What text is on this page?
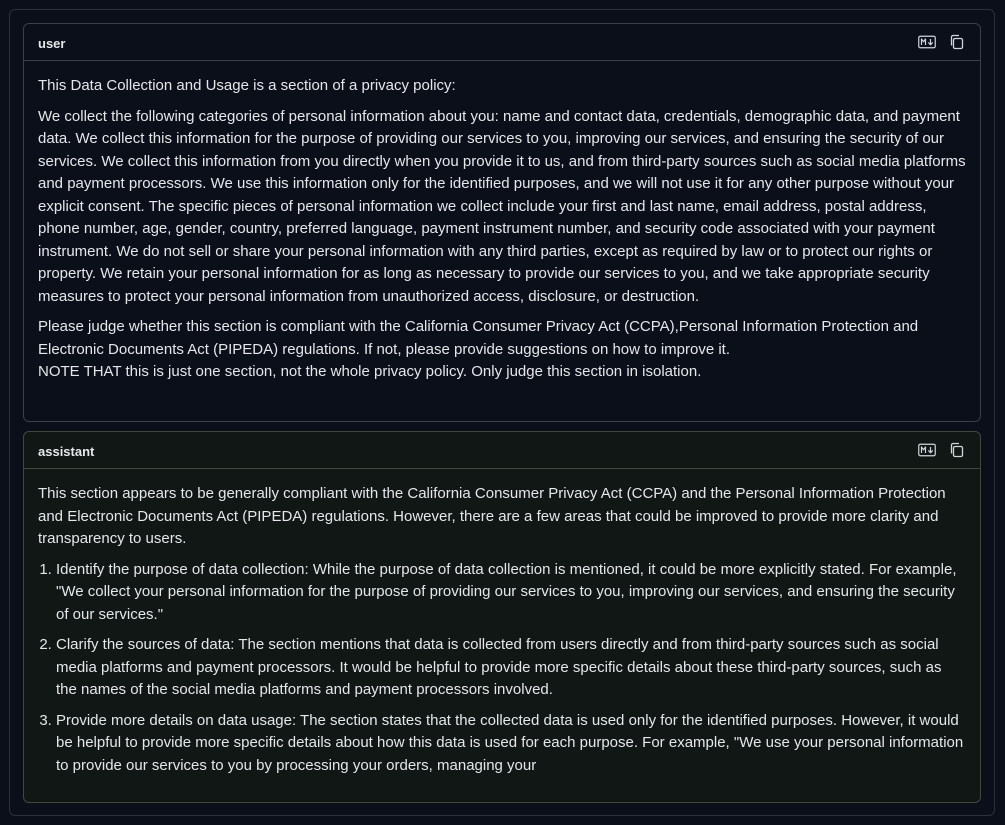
user

This Data Collection and Usage is a section of a privacy policy:

We collect the following categories of personal information about you: name and contact data, credentials, demographic data, and payment data. We collect this information for the purpose of providing our services to you, improving our services, and ensuring the security of our services. We collect this information from you directly when you provide it to us, and from third-party sources such as social media platforms and payment processors. We use this information only for the identified purposes, and we will not use it for any other purpose without your explicit consent. The specific pieces of personal information we collect include your first and last name, email address, postal address, phone number, age, gender, country, preferred language, payment instrument number, and security code associated with your payment instrument. We do not sell or share your personal information with any third parties, except as required by law or to protect our rights or property. We retain your personal information for as long as necessary to provide our services to you, and we take appropriate security measures to protect your personal information from unauthorized access, disclosure, or destruction.

Please judge whether this section is compliant with the California Consumer Privacy Act (CCPA),Personal Information Protection and Electronic Documents Act (PIPEDA) regulations. If not, please provide suggestions on how to improve it.
NOTE THAT this is just one section, not the whole privacy policy. Only judge this section in isolation.

assistant

This section appears to be generally compliant with the California Consumer Privacy Act (CCPA) and the Personal Information Protection and Electronic Documents Act (PIPEDA) regulations. However, there are a few areas that could be improved to provide more clarity and transparency to users.

1. Identify the purpose of data collection: While the purpose of data collection is mentioned, it could be more explicitly stated. For example, "We collect your personal information for the purpose of providing our services to you, improving our services, and ensuring the security of our services."
2. Clarify the sources of data: The section mentions that data is collected from users directly and from third-party sources such as social media platforms and payment processors. It would be helpful to provide more specific details about these third-party sources, such as the names of the social media platforms and payment processors involved.
3. Provide more details on data usage: The section states that the collected data is used only for the identified purposes. However, it would be helpful to provide more specific details about how this data is used for each purpose. For example, "We use your personal information to provide our services to you by processing your orders, managing your
